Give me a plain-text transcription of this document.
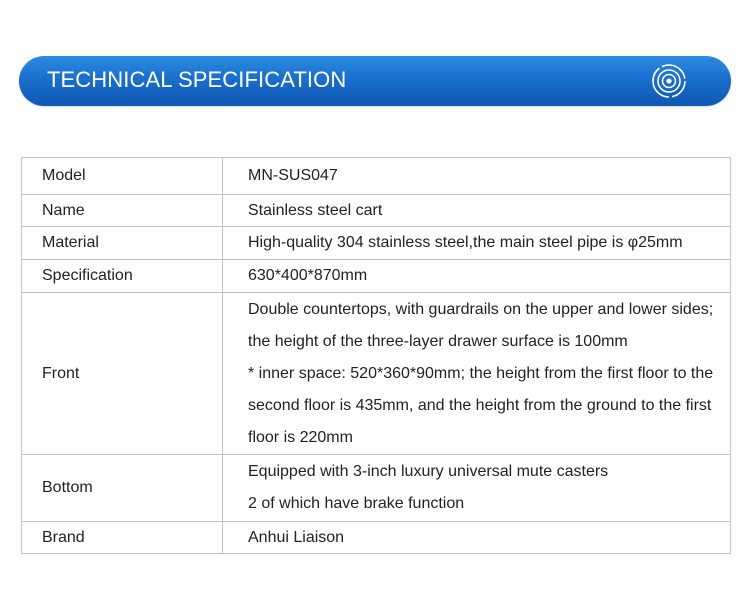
TECHNICAL SPECIFICATION
Model	MN-SUS047

Name	Stainless steel cart

Material	High-quality 304 stainless steel,the main steel pipe is φ25mm

Specification	630*400*870mm

Front	Double countertops, with guardrails on the upper and lower sides;
the height of the three-layer drawer surface is 100mm
* inner space: 520*360*90mm; the height from the first floor to the
second floor is 435mm, and the height from the ground to the first
floor is 220mm

Bottom	Equipped with 3-inch luxury universal mute casters
2 of which have brake function

Brand	Anhui Liaison
